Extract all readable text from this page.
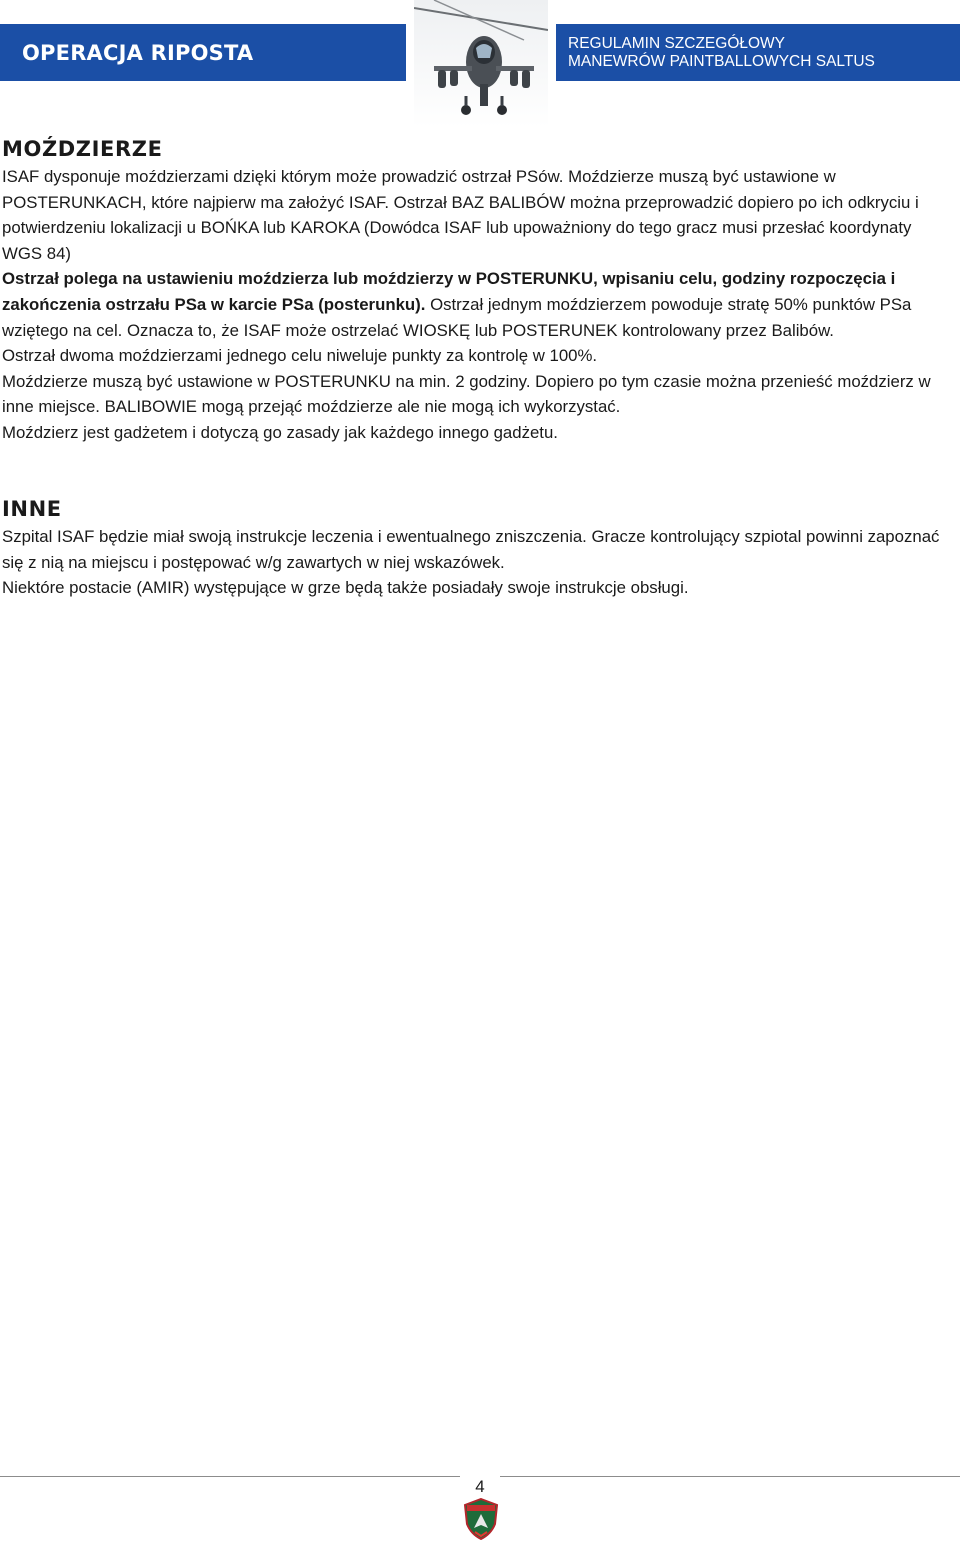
OPERACJA RIPOSTA	REGULAMIN SZCZEGÓŁOWY
MANEWRÓW PAINTBALLOWYCH SALTUS
MOŹDZIERZE

ISAF dysponuje moździerzami dzięki którym może prowadzić ostrzał PSów. Moździerze muszą być ustawione w POSTERUNKACH, które najpierw ma założyć ISAF. Ostrzał BAZ BALIBÓW można przeprowadzić dopiero po ich odkryciu i potwierdzeniu lokalizacji u BOŃKA lub KAROKA (Dowódca ISAF lub upoważniony do tego gracz musi przesłać koordynaty WGS 84)

Ostrzał polega na ustawieniu moździerza lub moździerzy w POSTERUNKU, wpisaniu celu, godziny rozpoczęcia i zakończenia ostrzału PSa w karcie PSa (posterunku). Ostrzał jednym moździerzem powoduje stratę 50% punktów PSa wziętego na cel. Oznacza to, że ISAF może ostrzelać WIOSKĘ lub POSTERUNEK kontrolowany przez Balibów.

Ostrzał dwoma moździerzami jednego celu niweluje punkty za kontrolę w 100%.

Moździerze muszą być ustawione w POSTERUNKU na min. 2 godziny. Dopiero po tym czasie można przenieść moździerz w inne miejsce. BALIBOWIE mogą przejąć moździerze ale nie mogą ich wykorzystać.

Moździerz jest gadżetem i dotyczą go zasady jak każdego innego gadżetu.

INNE

Szpital ISAF będzie miał swoją instrukcje leczenia i ewentualnego zniszczenia. Gracze kontrolujący szpiotal powinni zapoznać się z nią na miejscu i postępować w/g zawartych w niej wskazówek.

Niektóre postacie (AMIR) występujące w grze będą także posiadały swoje instrukcje obsługi.

4
